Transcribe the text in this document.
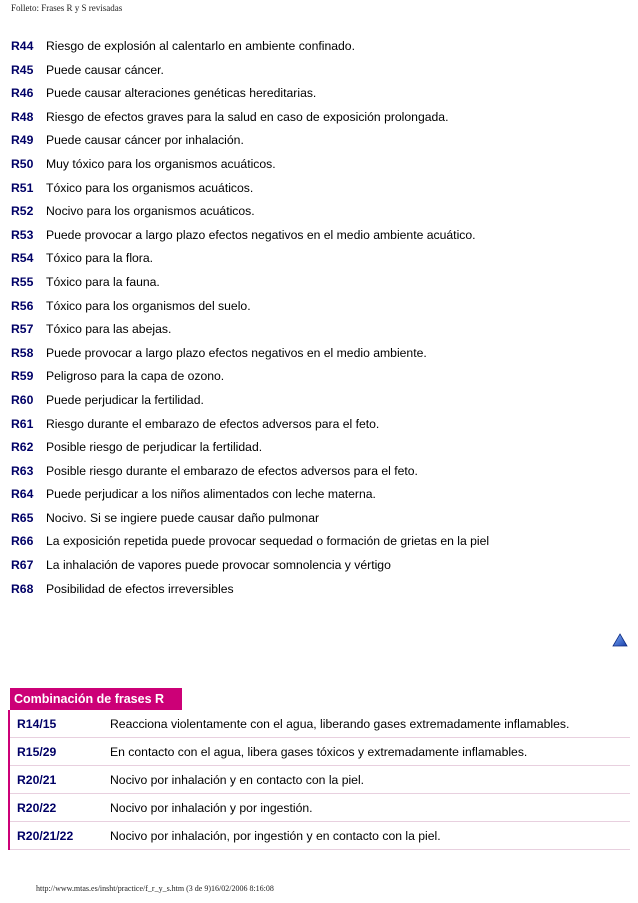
Folleto: Frases R y S revisadas
R44 Riesgo de explosión al calentarlo en ambiente confinado.
R45 Puede causar cáncer.
R46 Puede causar alteraciones genéticas hereditarias.
R48 Riesgo de efectos graves para la salud en caso de exposición prolongada.
R49 Puede causar cáncer por inhalación.
R50 Muy tóxico para los organismos acuáticos.
R51 Tóxico para los organismos acuáticos.
R52 Nocivo para los organismos acuáticos.
R53 Puede provocar a largo plazo efectos negativos en el medio ambiente acuático.
R54 Tóxico para la flora.
R55 Tóxico para la fauna.
R56 Tóxico para los organismos del suelo.
R57 Tóxico para las abejas.
R58 Puede provocar a largo plazo efectos negativos en el medio ambiente.
R59 Peligroso para la capa de ozono.
R60 Puede perjudicar la fertilidad.
R61 Riesgo durante el embarazo de efectos adversos para el feto.
R62 Posible riesgo de perjudicar la fertilidad.
R63 Posible riesgo durante el embarazo de efectos adversos para el feto.
R64 Puede perjudicar a los niños alimentados con leche materna.
R65 Nocivo. Si se ingiere puede causar daño pulmonar
R66 La exposición repetida puede provocar sequedad o formación de grietas en la piel
R67 La inhalación de vapores puede provocar somnolencia y vértigo
R68 Posibilidad de efectos irreversibles
Combinación de frases R
R14/15	Reacciona violentamente con el agua, liberando gases extremadamente inflamables.
R15/29	En contacto con el agua, libera gases tóxicos y extremadamente inflamables.
R20/21	Nocivo por inhalación y en contacto con la piel.
R20/22	Nocivo por inhalación y por ingestión.
R20/21/22	Nocivo por inhalación, por ingestión y en contacto con la piel.
http://www.mtas.es/insht/practice/f_r_y_s.htm (3 de 9)16/02/2006 8:16:08
